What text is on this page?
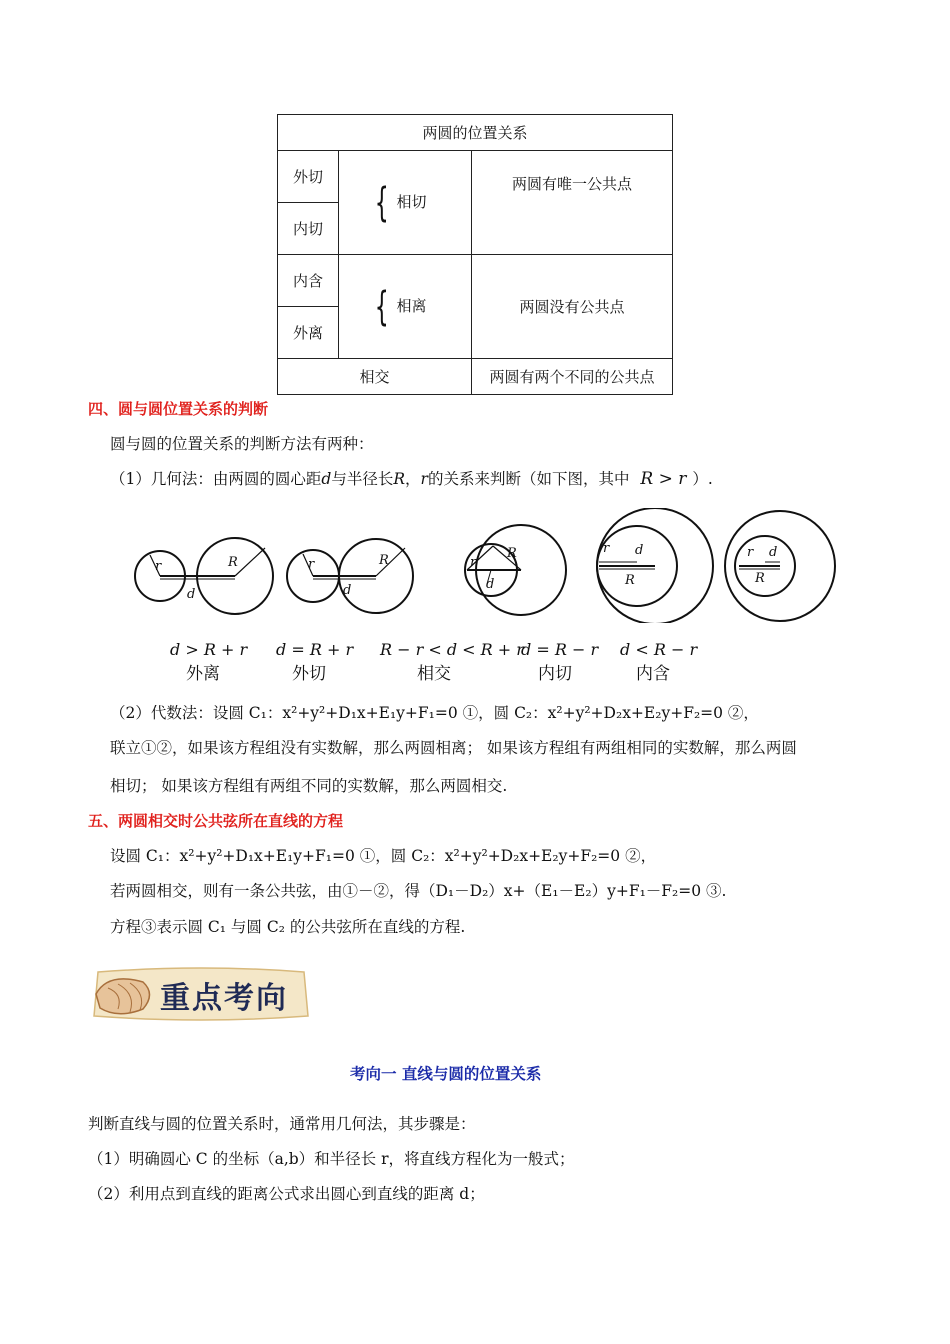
两圆的位置关系		
外切	{ 相切	两圆有唯一公共点
内切		
内含	{ 相离	两圆没有公共点
外离		
相交		两圆有两个不同的公共点
四、圆与圆位置关系的判断
圆与圆的位置关系的判断方法有两种：
（1）几何法：由两圆的圆心距d与半径长R，r的关系来判断（如下图，其中 R > r ）.
r	R
d
r	R
d
r
R
d
r d
R
r d
R
d > R + r
外离
d = R + r
外切
R − r < d < R + r
相交
d = R − r
内切
d < R − r
内含
（2）代数法：设圆 C₁：x²+y²+D₁x+E₁y+F₁=0 ①，圆 C₂：x²+y²+D₂x+E₂y+F₂=0 ②，
联立①②，如果该方程组没有实数解，那么两圆相离； 如果该方程组有两组相同的实数解，那么两圆
相切； 如果该方程组有两组不同的实数解，那么两圆相交.
五、两圆相交时公共弦所在直线的方程
设圆 C₁：x²+y²+D₁x+E₁y+F₁=0 ①，圆 C₂：x²+y²+D₂x+E₂y+F₂=0 ②，
若两圆相交，则有一条公共弦，由①－②，得（D₁－D₂）x+（E₁－E₂）y+F₁－F₂=0 ③.
方程③表示圆 C₁ 与圆 C₂ 的公共弦所在直线的方程.
重点考向
考向一 直线与圆的位置关系
判断直线与圆的位置关系时，通常用几何法，其步骤是：
（1）明确圆心 C 的坐标（a,b）和半径长 r，将直线方程化为一般式；
（2）利用点到直线的距离公式求出圆心到直线的距离 d；
